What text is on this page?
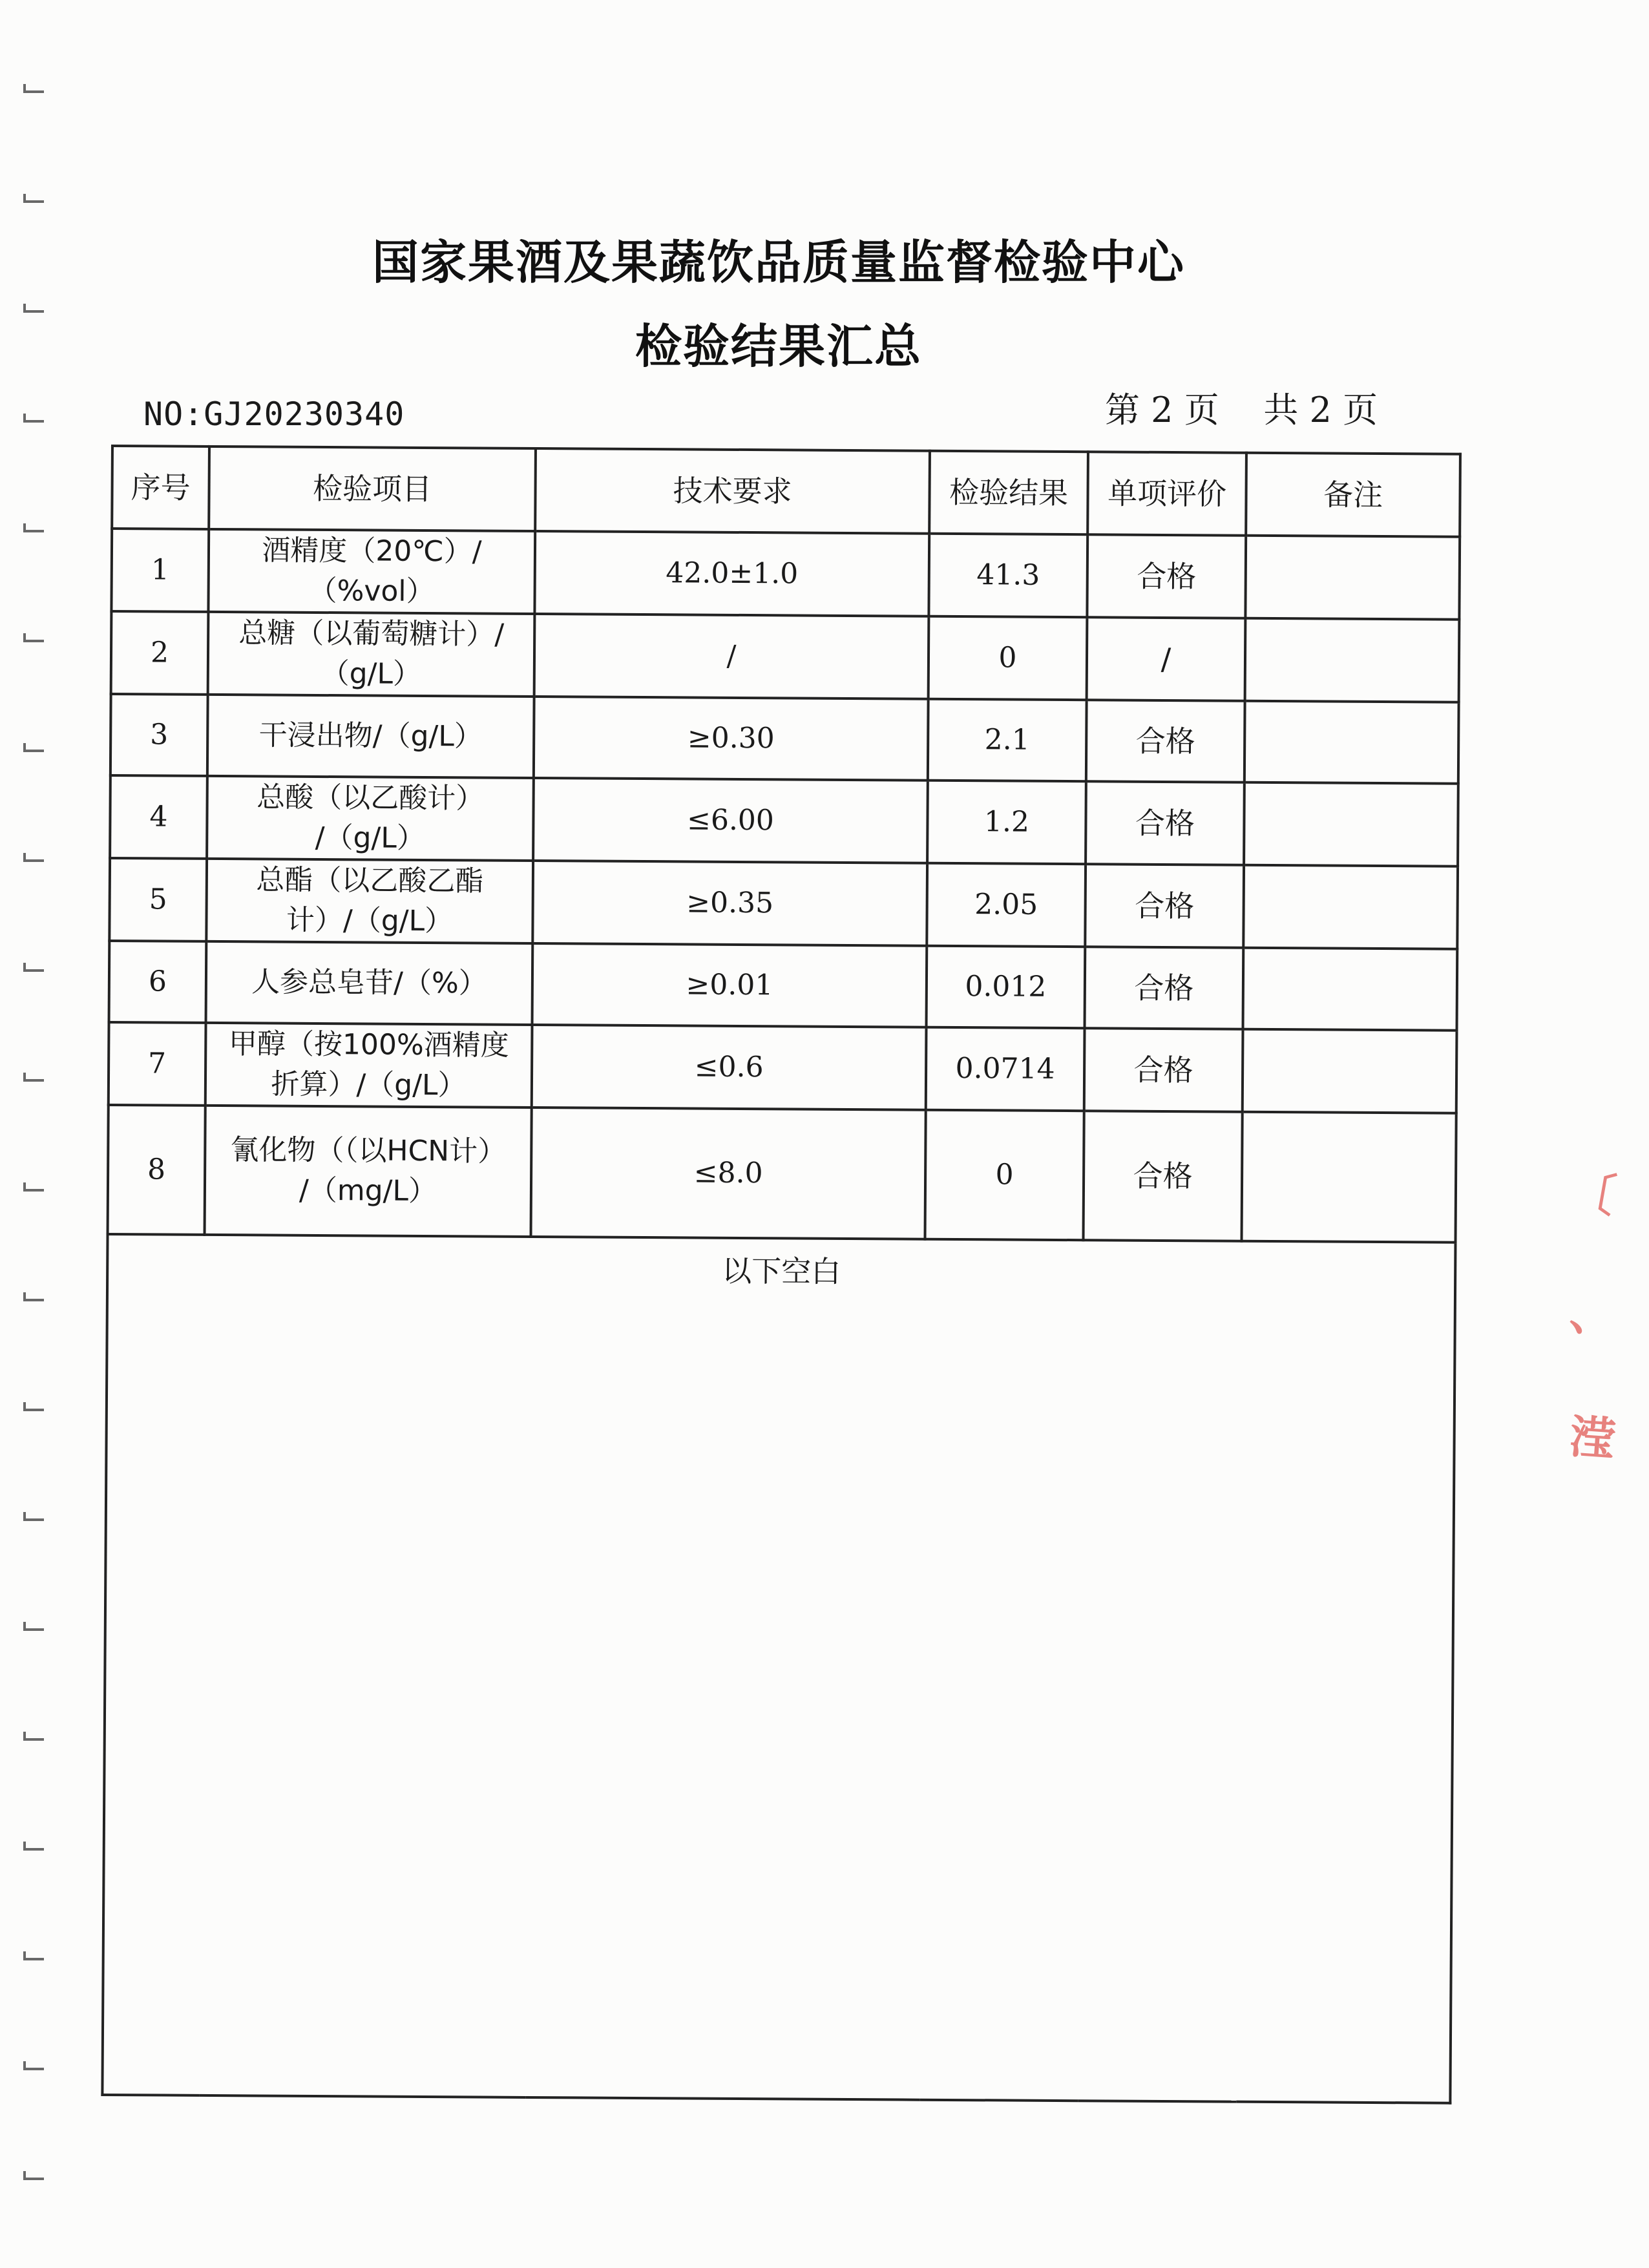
国家果酒及果蔬饮品质量监督检验中心
检验结果汇总
NO:GJ20230340	第 2 页 共 2 页
序号	检验项目	技术要求	检验结果	单项评价	备注
1	酒精度（20℃）/
（%vol）	42.0±1.0	41.3	合格	
2	总糖（以葡萄糖计）/
（g/L）	/	0	/	
3	干浸出物/（g/L）	≥0.30	2.1	合格	
4	总酸（以乙酸计）
/（g/L）	≤6.00	1.2	合格	
5	总酯（以乙酸乙酯
计）/（g/L）	≥0.35	2.05	合格	
6	人参总皂苷/（%）	≥0.01	0.012	合格	
7	甲醇（按100%酒精度
折算）/（g/L）	≤0.6	0.0714	合格	
8	氰化物（（以HCN计）
/（mg/L）	≤8.0	0	合格	
以下空白					
〔
、
滢
